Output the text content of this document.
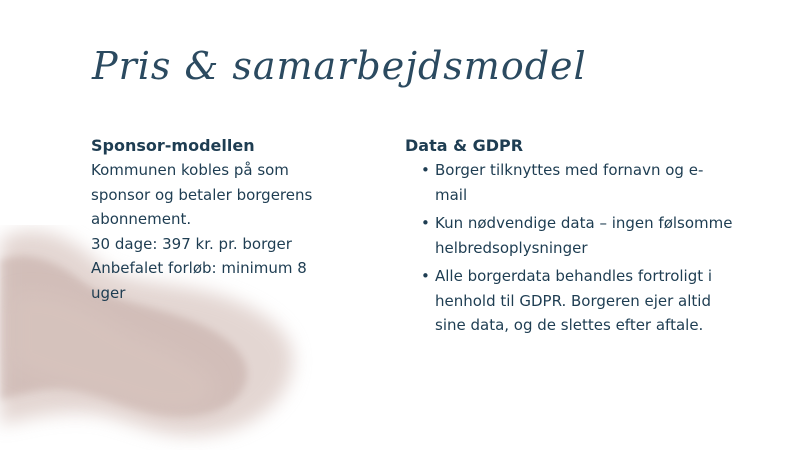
Pris & samarbejdsmodel

Sponsor-modellen

Kommunen kobles på som

sponsor og betaler borgerens

abonnement.

30 dage: 397 kr. pr. borger

Anbefalet forløb: minimum 8

uger

Data & GDPR

• Borger tilknyttes med fornavn og e-mail
• Kun nødvendige data – ingen følsomme helbredsoplysninger
• Alle borgerdata behandles fortroligt i henhold til GDPR. Borgeren ejer altid sine data, og de slettes efter aftale.
